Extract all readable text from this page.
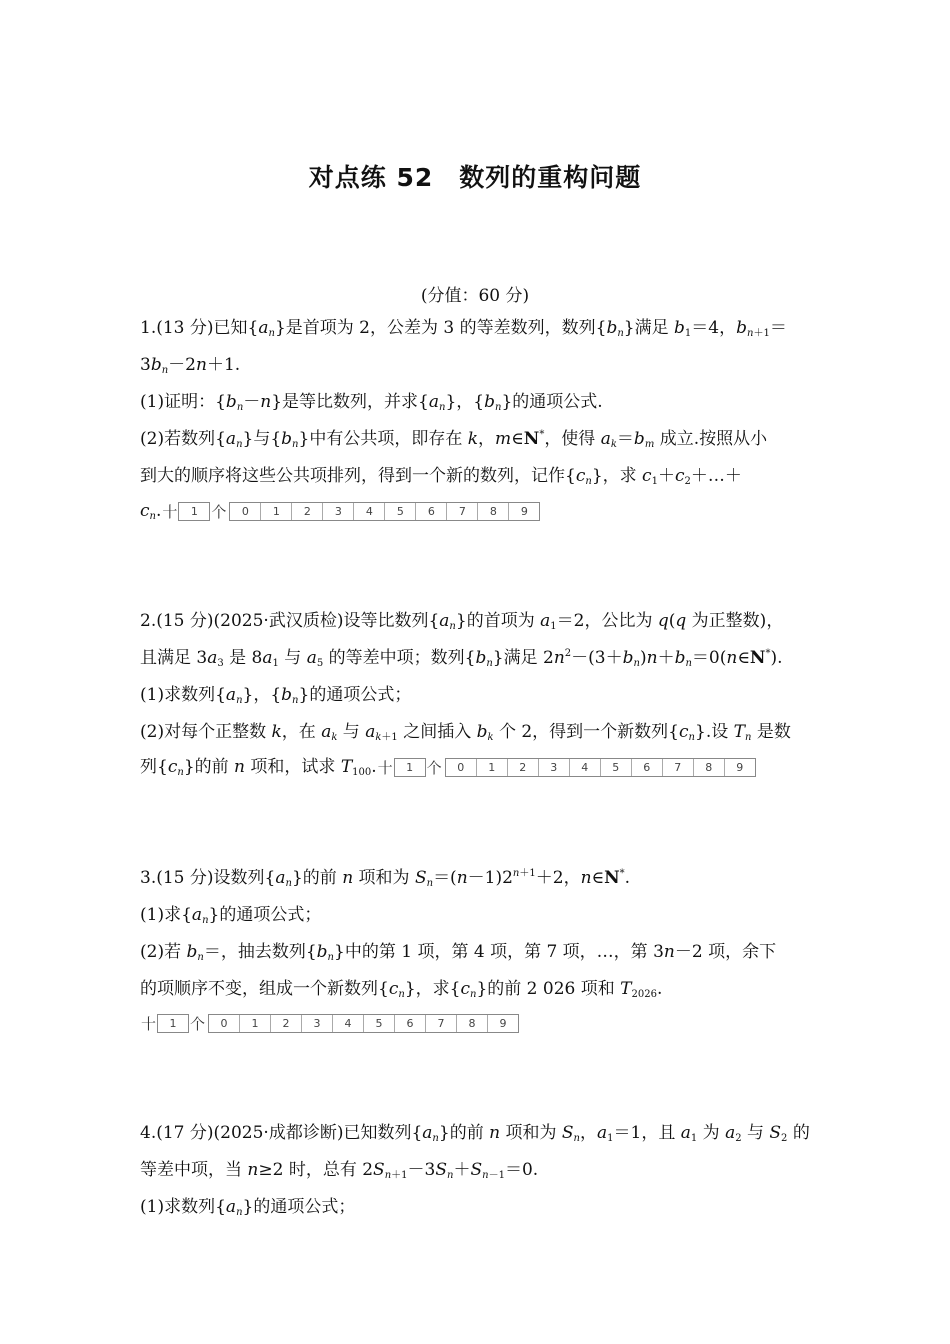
对点练 52　数列的重构问题
(分值：60 分)
1.(13 分)已知$\{a_n\}$是首项为 2，公差为 3 的等差数列，数列$\{b_n\}$满足 $b_1=4$，$b_{n+1}=$
$3b_n-2n+1$.
(1)证明：$\{b_n-n\}$是等比数列，并求$\{a_n\}$，$\{b_n\}$的通项公式.
(2)若数列$\{a_n\}$与$\{b_n\}$中有公共项，即存在 k，m∈N*，使得 $a_k=b_m$ 成立.按照从小
到大的顺序将这些公共项排列，得到一个新的数列，记作$\{c_n\}$，求 $c_1+c_2+\dots+$
$c_n$. 十	1 个	0	1	2	3	4	5	6	7	8	9
2.(15 分)(2025·武汉质检)设等比数列$\{a_n\}$的首项为 $a_1=2$，公比为 q(q 为正整数)，
且满足 $3a_3$ 是 $8a_1$ 与 $a_5$ 的等差中项；数列$\{b_n\}$满足 $2n^2-(3+b_n)n+b_n=0(n\in N^*)$.
(1)求数列$\{a_n\}$，$\{b_n\}$的通项公式；
(2)对每个正整数 k，在 $a_k$ 与 $a_{k+1}$ 之间插入 $b_k$ 个 2，得到一个新数列$\{c_n\}$.设 $T_n$ 是数
列$\{c_n\}$的前 n 项和，试求 $T_{100}$. 十	1 个	0	1	2	3	4	5	6	7	8	9
3.(15 分)设数列$\{a_n\}$的前 n 项和为 $S_n=(n-1)2^{n+1}+2$，n∈N*.
(1)求$\{a_n\}$的通项公式；
(2)若 $b_n=$，抽去数列$\{b_n\}$中的第 1 项，第 4 项，第 7 项，…，第 3n－2 项，余下
的项顺序不变，组成一个新数列$\{c_n\}$，求$\{c_n\}$的前 2 026 项和 $T_{2026}$.
十	1 个	0	1	2	3	4	5	6	7	8	9
4.(17 分)(2025·成都诊断)已知数列$\{a_n\}$的前 n 项和为 $S_n$，$a_1=1$，且 $a_1$ 为 $a_2$ 与 $S_2$ 的
等差中项，当 n≥2 时，总有 $2S_{n+1}-3S_n+S_{n-1}=0$.
(1)求数列$\{a_n\}$的通项公式；
